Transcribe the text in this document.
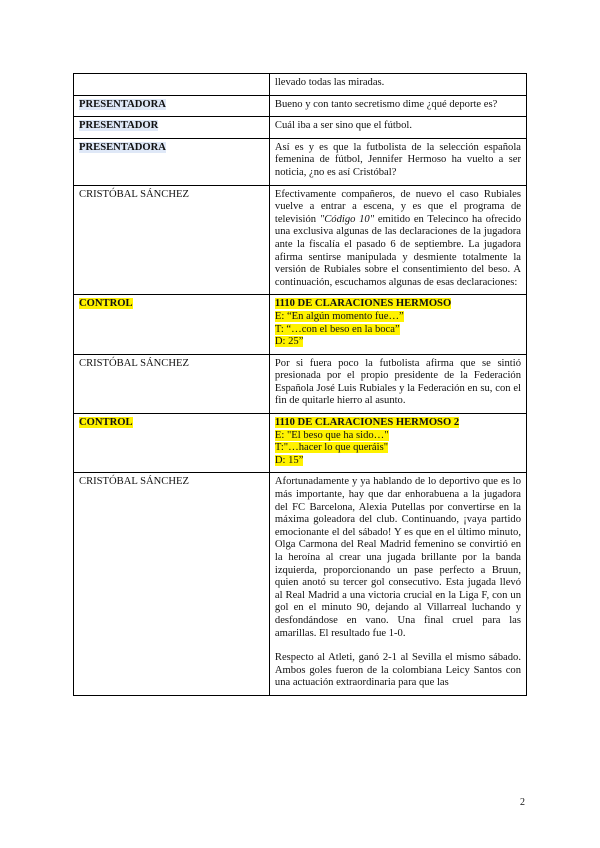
	llevado todas las miradas.
PRESENTADORA	Bueno y con tanto secretismo dime ¿qué deporte es?
PRESENTADOR	Cuál iba a ser sino que el fútbol.
PRESENTADORA	Así es y es que la futbolista de la selección española femenina de fútbol, Jennifer Hermoso ha vuelto a ser noticia, ¿no es así Cristóbal?
CRISTÓBAL SÁNCHEZ	Efectivamente compañeros, de nuevo el caso Rubiales vuelve a entrar a escena, y es que el programa de televisión "Código 10" emitido en Telecinco ha ofrecido una exclusiva algunas de las declaraciones de la jugadora ante la fiscalía el pasado 6 de septiembre. La jugadora afirma sentirse manipulada y desmiente totalmente la versión de Rubiales sobre el consentimiento del beso. A continuación, escuchamos algunas de esas declaraciones:
CONTROL	1110 DE CLARACIONES HERMOSO
E: “En algún momento fue…”
T: “…con el beso en la boca”
D: 25”

CRISTÓBAL SÁNCHEZ	Por si fuera poco la futbolista afirma que se sintió presionada por el propio presidente de la Federación Española José Luis Rubiales y la Federación en su, con el fin de quitarle hierro al asunto.
CONTROL	1110 DE CLARACIONES HERMOSO 2
E: "El beso que ha sido…"
T:"…hacer lo que queráis"
D: 15”

CRISTÓBAL SÁNCHEZ	Afortunadamente y ya hablando de lo deportivo que es lo más importante, hay que dar enhorabuena a la jugadora del FC Barcelona, Alexia Putellas por convertirse en la máxima goleadora del club. Continuando, ¡vaya partido emocionante el del sábado! Y es que en el último minuto, Olga Carmona del Real Madrid femenino se convirtió en la heroína al crear una jugada brillante por la banda izquierda, proporcionando un pase perfecto a Bruun, quien anotó su tercer gol consecutivo. Esta jugada llevó al Real Madrid a una victoria crucial en la Liga F, con un gol en el minuto 90, dejando al Villarreal luchando y desfondándose en vano. Una final cruel para las amarillas. El resultado fue 1-0.
Respecto al Atleti, ganó 2-1 al Sevilla el mismo sábado. Ambos goles fueron de la colombiana Leicy Santos con una actuación extraordinaria para que las
2
